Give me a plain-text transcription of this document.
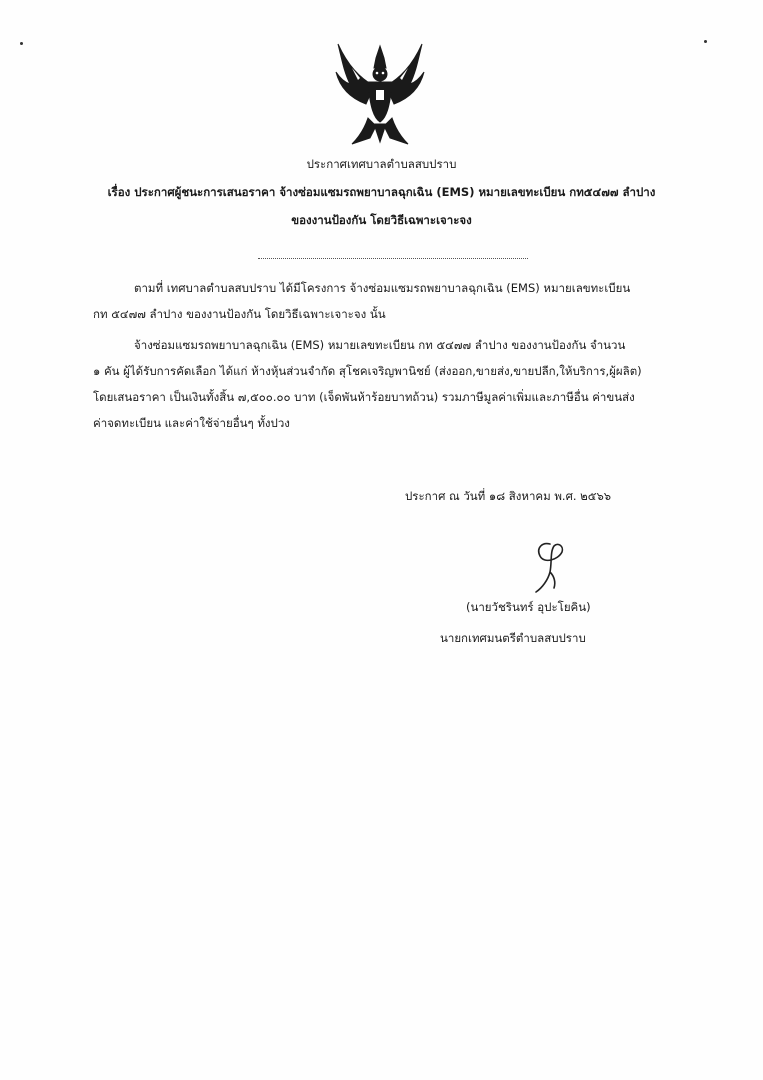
ประกาศเทศบาลตำบลสบปราบ
เรื่อง ประกาศผู้ชนะการเสนอราคา จ้างซ่อมแซมรถพยาบาลฉุกเฉิน (EMS) หมายเลขทะเบียน กท๕๔๗๗ ลำปาง
ของงานป้องกัน โดยวิธีเฉพาะเจาะจง
ตามที่ เทศบาลตำบลสบปราบ ได้มีโครงการ จ้างซ่อมแซมรถพยาบาลฉุกเฉิน (EMS) หมายเลขทะเบียน
กท ๕๔๗๗ ลำปาง ของงานป้องกัน โดยวิธีเฉพาะเจาะจง นั้น
จ้างซ่อมแซมรถพยาบาลฉุกเฉิน (EMS) หมายเลขทะเบียน กท ๕๔๗๗ ลำปาง ของงานป้องกัน จำนวน
๑ คัน ผู้ได้รับการคัดเลือก ได้แก่ ห้างหุ้นส่วนจำกัด สุโชคเจริญพานิชย์ (ส่งออก,ขายส่ง,ขายปลีก,ให้บริการ,ผู้ผลิต)
โดยเสนอราคา เป็นเงินทั้งสิ้น ๗,๕๐๐.๐๐ บาท (เจ็ดพันห้าร้อยบาทถ้วน) รวมภาษีมูลค่าเพิ่มและภาษีอื่น ค่าขนส่ง
ค่าจดทะเบียน และค่าใช้จ่ายอื่นๆ ทั้งปวง
ประกาศ ณ วันที่ ๑๘ สิงหาคม พ.ศ. ๒๕๖๖
(นายวัชรินทร์ อุปะโยคิน)
นายกเทศมนตรีตำบลสบปราบ
